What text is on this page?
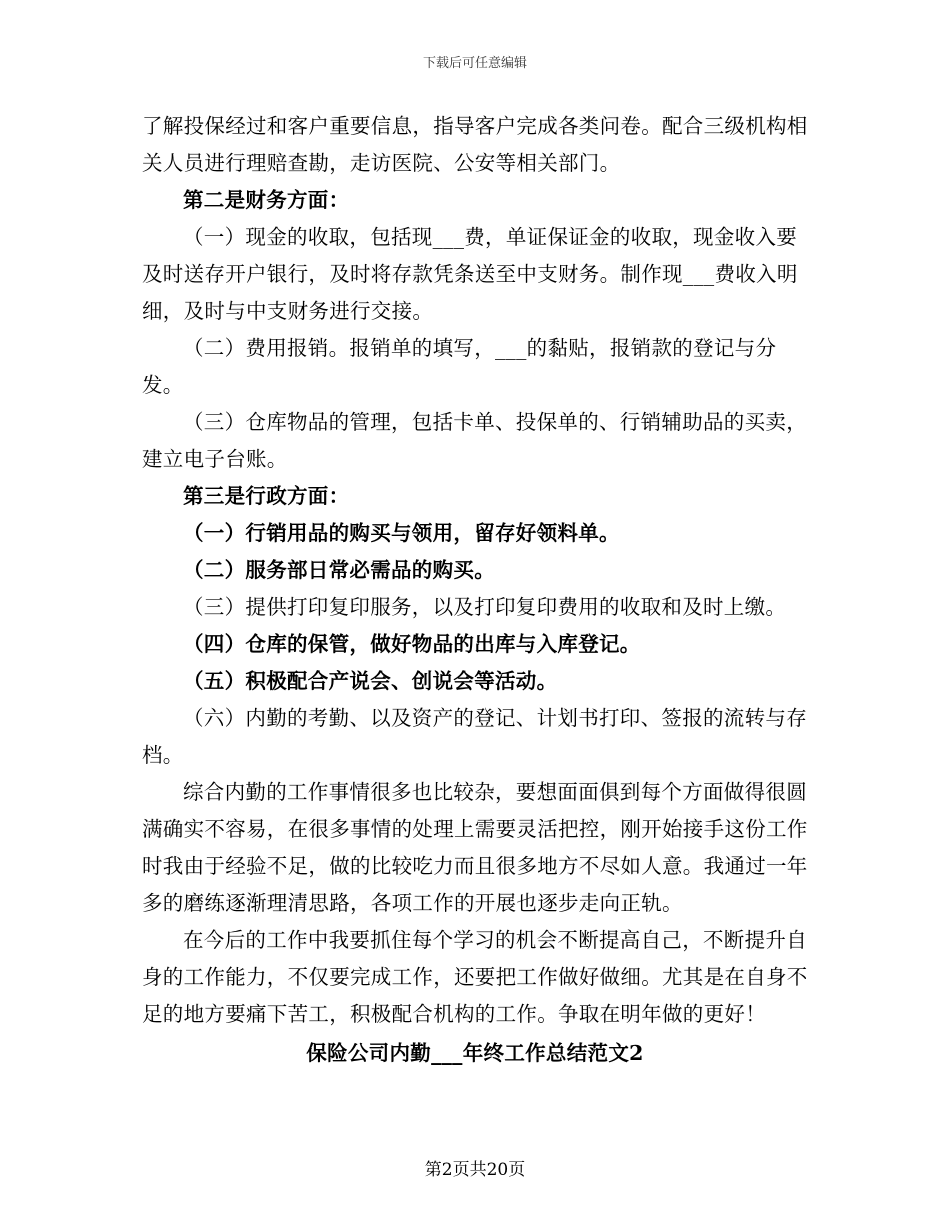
下载后可任意编辑

了解投保经过和客户重要信息，指导客户完成各类问卷。配合三级机构相关人员进行理赔查勘，走访医院、公安等相关部门。

第二是财务方面：

（一）现金的收取，包括现___费，单证保证金的收取，现金收入要及时送存开户银行，及时将存款凭条送至中支财务。制作现___费收入明细，及时与中支财务进行交接。

（二）费用报销。报销单的填写，___的黏贴，报销款的登记与分发。

（三）仓库物品的管理，包括卡单、投保单的、行销辅助品的买卖，建立电子台账。

第三是行政方面：

（一）行销用品的购买与领用，留存好领料单。

（二）服务部日常必需品的购买。

（三）提供打印复印服务，以及打印复印费用的收取和及时上缴。

（四）仓库的保管，做好物品的出库与入库登记。

（五）积极配合产说会、创说会等活动。

（六）内勤的考勤、以及资产的登记、计划书打印、签报的流转与存档。

综合内勤的工作事情很多也比较杂，要想面面俱到每个方面做得很圆满确实不容易，在很多事情的处理上需要灵活把控，刚开始接手这份工作时我由于经验不足，做的比较吃力而且很多地方不尽如人意。我通过一年多的磨练逐渐理清思路，各项工作的开展也逐步走向正轨。

在今后的工作中我要抓住每个学习的机会不断提高自己，不断提升自身的工作能力，不仅要完成工作，还要把工作做好做细。尤其是在自身不足的地方要痛下苦工，积极配合机构的工作。争取在明年做的更好！

保险公司内勤___年终工作总结范文2

第2页共20页
